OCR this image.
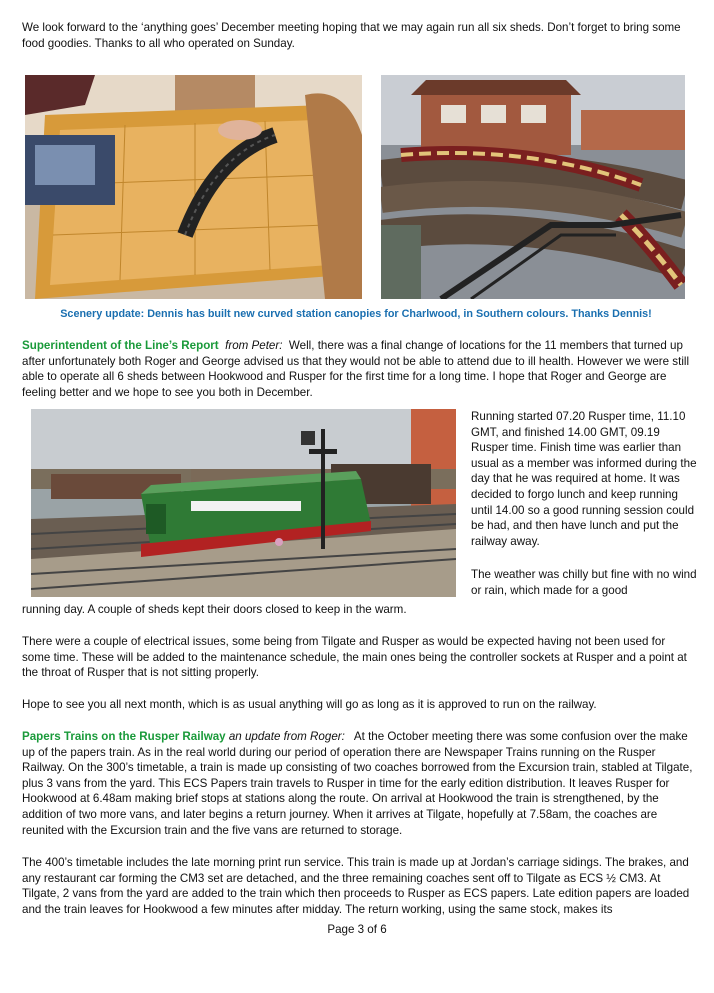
We look forward to the ‘anything goes’ December meeting hoping that we may again run all six sheds. Don’t forget to bring some food goodies. Thanks to all who operated on Sunday.

Scenery update: Dennis has built new curved station canopies for Charlwood, in Southern colours. Thanks Dennis!

Superintendent of the Line’s Report from Peter: Well, there was a final change of locations for the 11 members that turned up after unfortunately both Roger and George advised us that they would not be able to attend due to ill health. However we were still able to operate all 6 sheds between Hookwood and Rusper for the first time for a long time. I hope that Roger and George are feeling better and we hope to see you both in December.

Running started 07.20 Rusper time, 11.10 GMT, and finished 14.00 GMT, 09.19 Rusper time. Finish time was earlier than usual as a member was informed during the day that he was required at home. It was decided to forgo lunch and keep running until 14.00 so a good running session could be had, and then have lunch and put the railway away.

The weather was chilly but fine with no wind or rain, which made for a good

running day. A couple of sheds kept their doors closed to keep in the warm.

There were a couple of electrical issues, some being from Tilgate and Rusper as would be expected having not been used for some time. These will be added to the maintenance schedule, the main ones being the controller sockets at Rusper and a point at the throat of Rusper that is not sitting properly.

Hope to see you all next month, which is as usual anything will go as long as it is approved to run on the railway.

Papers Trains on the Rusper Railway an update from Roger: At the October meeting there was some confusion over the make up of the papers train. As in the real world during our period of operation there are Newspaper Trains running on the Rusper Railway. On the 300’s timetable, a train is made up consisting of two coaches borrowed from the Excursion train, stabled at Tilgate, plus 3 vans from the yard. This ECS Papers train travels to Rusper in time for the early edition distribution. It leaves Rusper for Hookwood at 6.48am making brief stops at stations along the route. On arrival at Hookwood the train is strengthened, by the addition of two more vans, and later begins a return journey. When it arrives at Tilgate, hopefully at 7.58am, the coaches are reunited with the Excursion train and the five vans are returned to storage.

The 400’s timetable includes the late morning print run service. This train is made up at Jordan’s carriage sidings. The brakes, and any restaurant car forming the CM3 set are detached, and the three remaining coaches sent off to Tilgate as ECS ½ CM3. At Tilgate, 2 vans from the yard are added to the train which then proceeds to Rusper as ECS papers. Late edition papers are loaded and the train leaves for Hookwood a few minutes after midday. The return working, using the same stock, makes its

Page 3 of 6
